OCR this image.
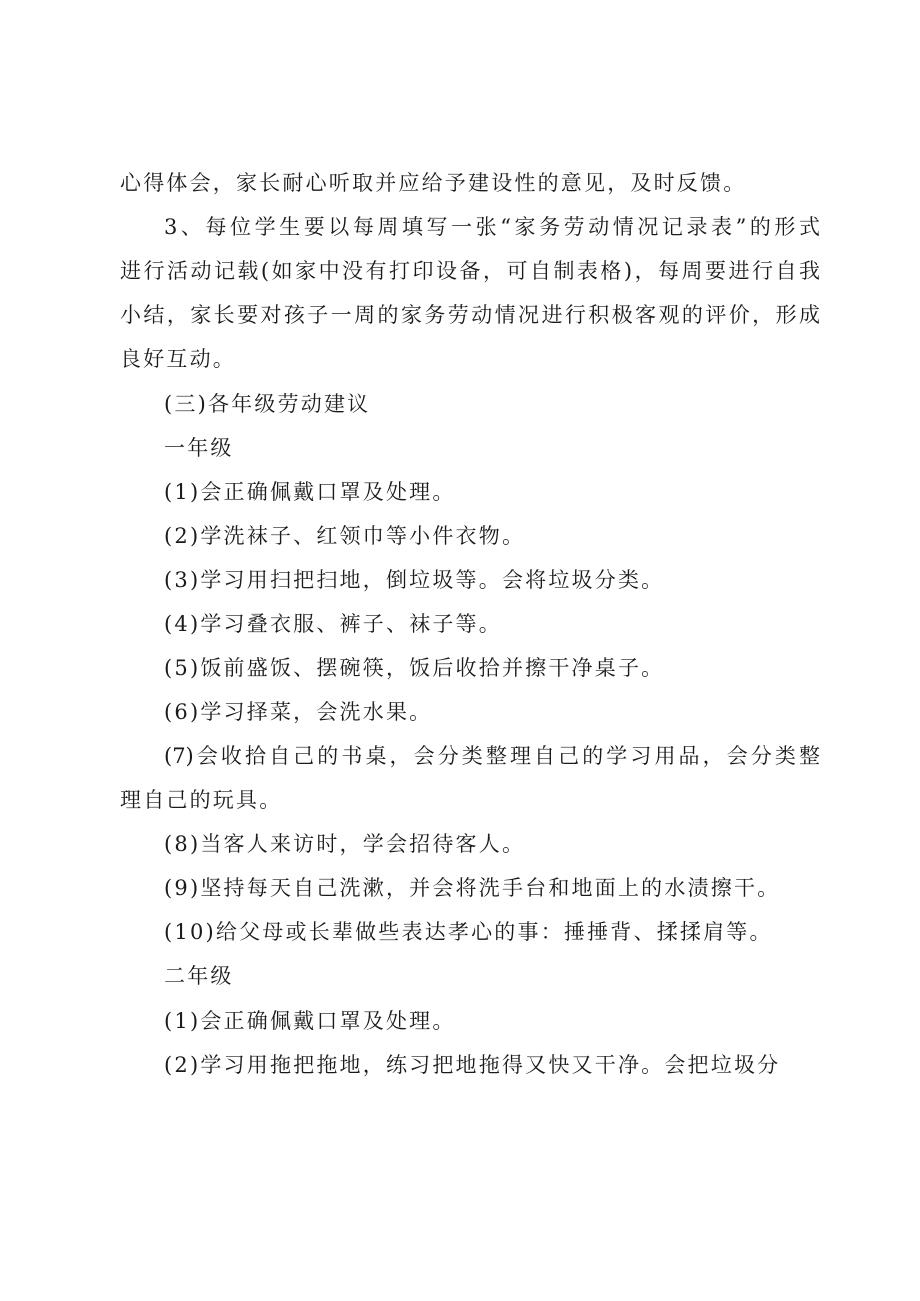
心得体会，家长耐心听取并应给予建设性的意见，及时反馈。
3、每位学生要以每周填写一张“家务劳动情况记录表”的形式
进行活动记载(如家中没有打印设备，可自制表格)，每周要进行自我
小结，家长要对孩子一周的家务劳动情况进行积极客观的评价，形成
良好互动。
(三)各年级劳动建议
一年级
(1)会正确佩戴口罩及处理。
(2)学洗袜子、红领巾等小件衣物。
(3)学习用扫把扫地，倒垃圾等。会将垃圾分类。
(4)学习叠衣服、裤子、袜子等。
(5)饭前盛饭、摆碗筷，饭后收拾并擦干净桌子。
(6)学习择菜，会洗水果。
(7)会收拾自己的书桌，会分类整理自己的学习用品，会分类整
理自己的玩具。
(8)当客人来访时，学会招待客人。
(9)坚持每天自己洗漱，并会将洗手台和地面上的水渍擦干。
(10)给父母或长辈做些表达孝心的事：捶捶背、揉揉肩等。
二年级
(1)会正确佩戴口罩及处理。
(2)学习用拖把拖地，练习把地拖得又快又干净。会把垃圾分
